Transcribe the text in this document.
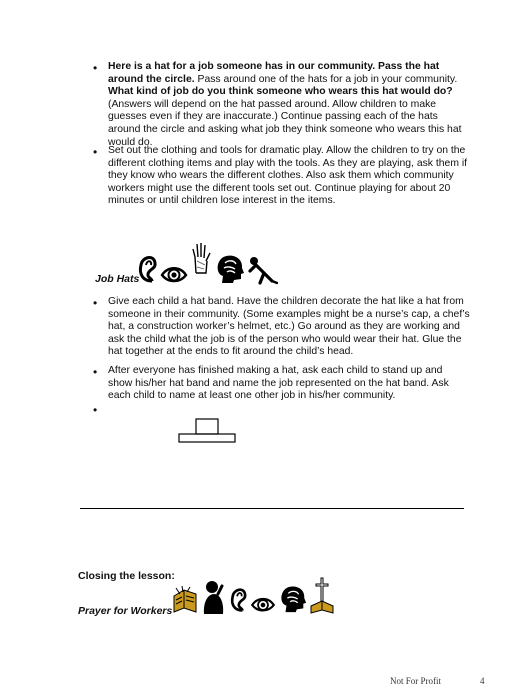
• Here is a hat for a job someone has in our community. Pass the hat around the circle. Pass around one of the hats for a job in your community. What kind of job do you think someone who wears this hat would do? (Answers will depend on the hat passed around. Allow children to make guesses even if they are inaccurate.) Continue passing each of the hats around the circle and asking what job they think someone who wears this hat would do.
• Set out the clothing and tools for dramatic play. Allow the children to try on the different clothing items and play with the tools. As they are playing, ask them if they know who wears the different clothes. Also ask them which community workers might use the different tools set out. Continue playing for about 20 minutes or until children lose interest in the items.
Job Hats
• Give each child a hat band. Have the children decorate the hat like a hat from someone in their community. (Some examples might be a nurse’s cap, a chef’s hat, a construction worker’s helmet, etc.) Go around as they are working and ask the child what the job is of the person who would wear their hat. Glue the hat together at the ends to fit around the child’s head.
• After everyone has finished making a hat, ask each child to stand up and show his/her hat band and name the job represented on the hat band. Ask each child to name at least one other job in his/her community.
•
Closing the lesson:
Prayer for Workers
Not For Profit	4
